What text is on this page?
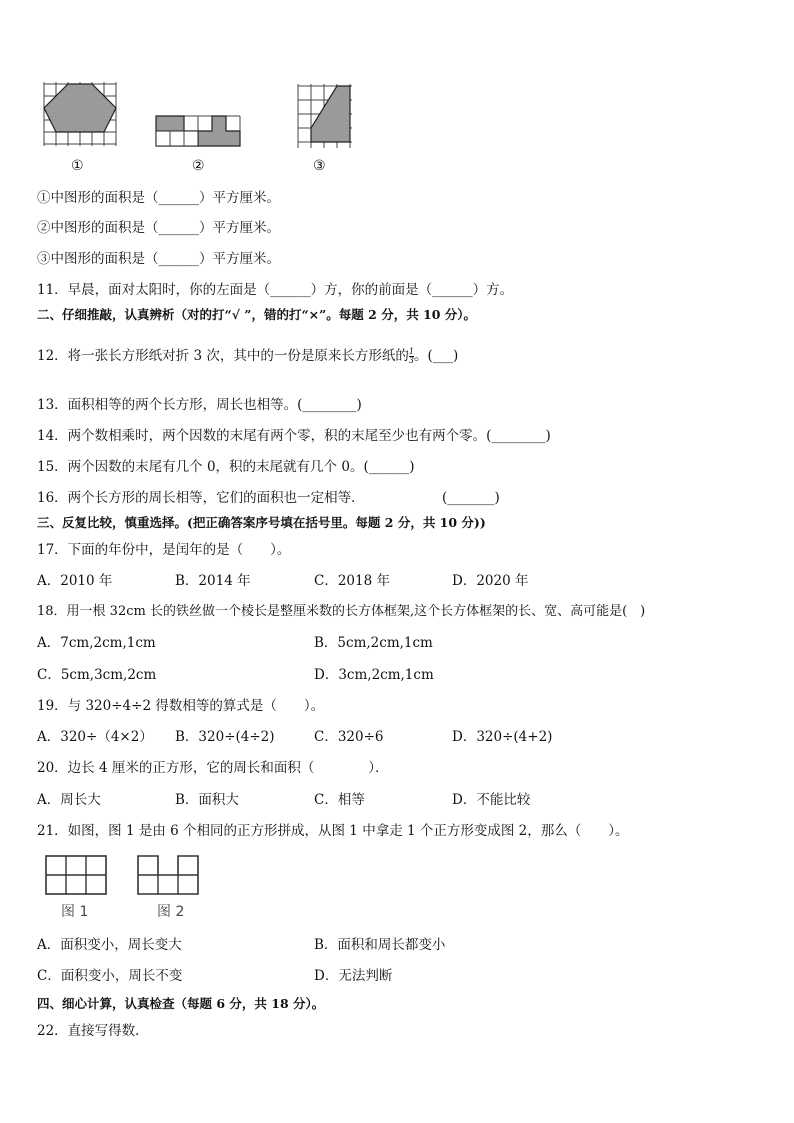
①	②	③
①中图形的面积是（______）平方厘米。
②中图形的面积是（______）平方厘米。
③中图形的面积是（______）平方厘米。
11．早晨，面对太阳时，你的左面是（______）方，你的前面是（______）方。
二、仔细推敲，认真辨析（对的打“√ ”，错的打“×”。每题 2 分，共 10 分）。
12．将一张长方形纸对折 3 次，其中的一份是原来长方形纸的 $\frac{1}{3}$ 。(___)
13．面积相等的两个长方形，周长也相等。(________)
14．两个数相乘时，两个因数的末尾有两个零，积的末尾至少也有两个零。(________)
15．两个因数的末尾有几个 0，积的末尾就有几个 0。(______)
16．两个长方形的周长相等，它们的面积也一定相等．	(_______)
三、反复比较，慎重选择。(把正确答案序号填在括号里。每题 2 分，共 10 分))
17．下面的年份中，是闰年的是（　　）。
A．2010 年	B．2014 年	C．2018 年	D．2020 年
18．用一根 32cm 长的铁丝做一个棱长是整厘米数的长方体框架,这个长方体框架的长、宽、高可能是(　)
A．7cm,2cm,1cm	B．5cm,2cm,1cm
C．5cm,3cm,2cm	D．3cm,2cm,1cm
19．与 320÷4÷2 得数相等的算式是（　　）。
A．320÷（4×2） B．320÷(4÷2)	C．320÷6	D．320÷(4+2)
20．边长 4 厘米的正方形，它的周长和面积（　　　　）．
A．周长大	B．面积大	C．相等	D．不能比较
21．如图，图 1 是由 6 个相同的正方形拼成，从图 1 中拿走 1 个正方形变成图 2，那么（　　）。
图 1	图 2
A．面积变小，周长变大	B．面积和周长都变小
C．面积变小，周长不变	D．无法判断
四、细心计算，认真检查（每题 6 分，共 18 分）。
22．直接写得数．
